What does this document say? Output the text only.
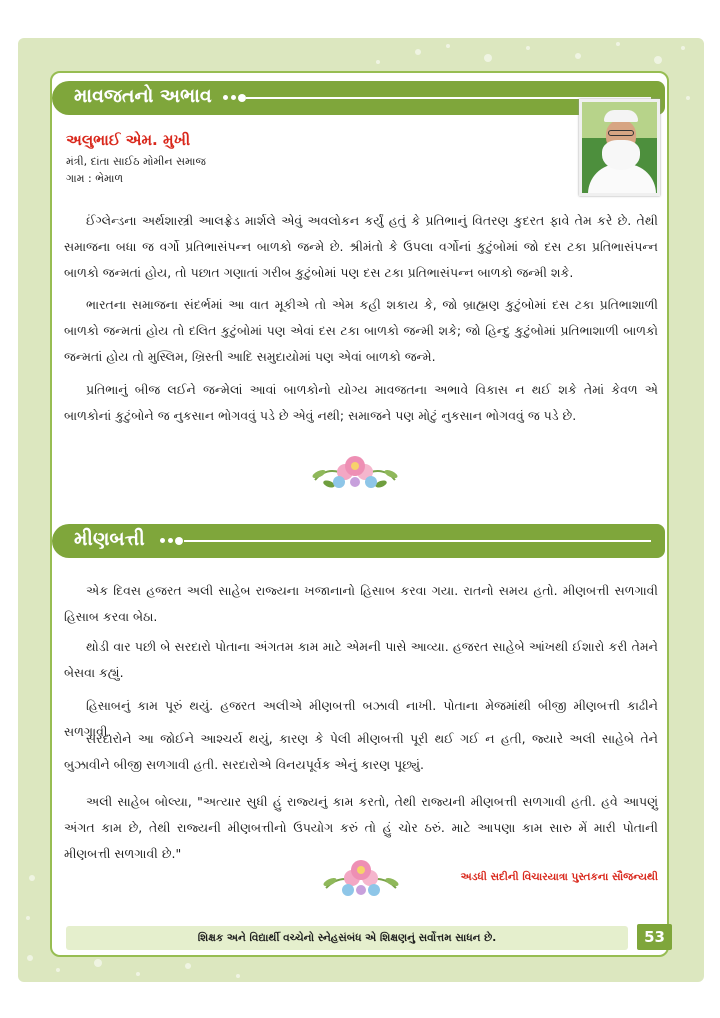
માવજતનો અભાવ
અલુભાઈ એમ. મુખી
મંત્રી, દાંતા સાઈઠ મોમીન સમાજ
ગામ : ભેમાળ

ઈંગ્લેન્ડના અર્થશાસ્ત્રી આલફ્રેડ માર્શલે એવું અવલોકન કર્યું હતું કે પ્રતિભાનું વિતરણ કુદરત ફાવે તેમ કરે છે. તેથી સમાજના બધા જ વર્ગો પ્રતિભાસંપન્ન બાળકો જન્મે છે. શ્રીમંતો કે ઉપલા વર્ગોનાં કુટુંબોમાં જો દસ ટકા પ્રતિભાસંપન્ન બાળકો જન્મતાં હોય, તો પછાત ગણાતાં ગરીબ કુટુંબોમાં પણ દસ ટકા પ્રતિભાસંપન્ન બાળકો જન્મી શકે.

ભારતના સમાજના સંદર્ભમાં આ વાત મૂકીએ તો એમ કહી શકાય કે, જો બ્રાહ્મણ કુટુંબોમાં દસ ટકા પ્રતિભાશાળી બાળકો જન્મતાં હોય તો દલિત કુટુંબોમાં પણ એવાં દસ ટકા બાળકો જન્મી શકે; જો હિન્દુ કુટુંબોમાં પ્રતિભાશાળી બાળકો જન્મતાં હોય તો મુસ્લિમ, ખ્રિસ્તી આદિ સમુદાયોમાં પણ એવાં બાળકો જન્મે.

પ્રતિભાનું બીજ લઈને જન્મેલાં આવાં બાળકોનો યોગ્ય માવજતના અભાવે વિકાસ ન થઈ શકે તેમાં કેવળ એ બાળકોનાં કુટુંબોને જ નુકસાન ભોગવવું પડે છે એવું નથી; સમાજને પણ મોટું નુકસાન ભોગવવું જ પડે છે.

મીણબત્તી

એક દિવસ હજરત અલી સાહેબ રાજ્યના ખજાનાનો હિસાબ કરવા ગયા. રાતનો સમય હતો. મીણબત્તી સળગાવી હિસાબ કરવા બેઠા.

થોડી વાર પછી બે સરદારો પોતાના અંગતમ કામ માટે એમની પાસે આવ્યા. હજરત સાહેબે આંખથી ઈશારો કરી તેમને બેસવા કહ્યું.

હિસાબનું કામ પૂરું થયું. હજરત અલીએ મીણબત્તી બઝાવી નાખી. પોતાના મેજમાંથી બીજી મીણબત્તી કાઢીને સળગાવી.

સરદારોને આ જોઈને આશ્ચર્ય થયું, કારણ કે પેલી મીણબત્તી પૂરી થઈ ગઈ ન હતી, જ્યારે અલી સાહેબે તેને બુઝાવીને બીજી સળગાવી હતી. સરદારોએ વિનયપૂર્વક એનું કારણ પૂછ્યું.

અલી સાહેબ બોલ્યા, "અત્યાર સુધી હું રાજ્યનું કામ કરતો, તેથી રાજ્યની મીણબત્તી સળગાવી હતી. હવે આપણું અંગત કામ છે, તેથી રાજ્યની મીણબત્તીનો ઉપયોગ કરું તો હું ચોર ઠરું. માટે આપણા કામ સારુ મેં મારી પોતાની મીણબત્તી સળગાવી છે."

અડધી સદીની વિચારયાત્રા પુસ્તકના સૌજન્યથી
શિક્ષક અને વિદ્યાર્થી વચ્ચેનો સ્નેહસંબંધ એ શિક્ષણનું સર્વોત્તમ સાધન છે.	53
